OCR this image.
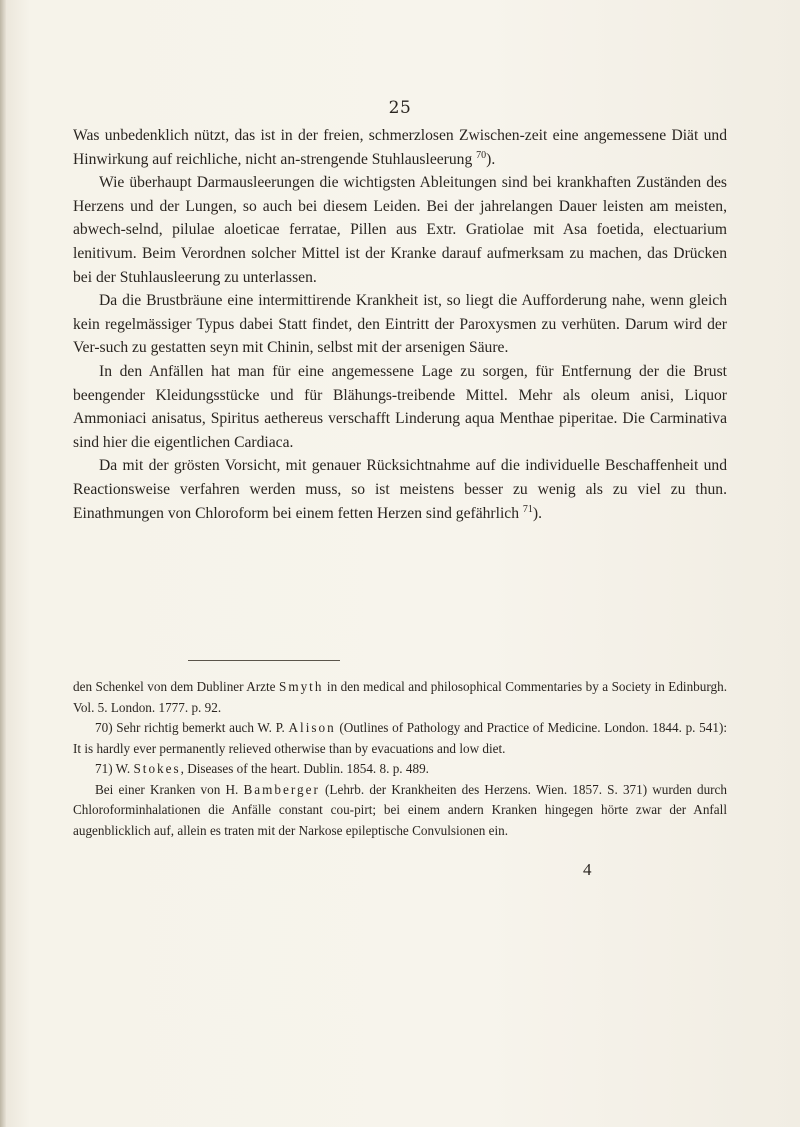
25

Was unbedenklich nützt, das ist in der freien, schmerzlosen Zwischen-zeit eine angemessene Diät und Hinwirkung auf reichliche, nicht an-strengende Stuhlausleerung $^{70}$).

Wie überhaupt Darmausleerungen die wichtigsten Ableitungen sind bei krankhaften Zuständen des Herzens und der Lungen, so auch bei diesem Leiden. Bei der jahrelangen Dauer leisten am meisten, abwech-selnd, pilulae aloeticae ferratae, Pillen aus Extr. Gratiolae mit Asa foetida, electuarium lenitivum. Beim Verordnen solcher Mittel ist der Kranke darauf aufmerksam zu machen, das Drücken bei der Stuhlausleerung zu unterlassen.

Da die Brustbräune eine intermittirende Krankheit ist, so liegt die Aufforderung nahe, wenn gleich kein regelmässiger Typus dabei Statt findet, den Eintritt der Paroxysmen zu verhüten. Darum wird der Ver-such zu gestatten seyn mit Chinin, selbst mit der arsenigen Säure.

In den Anfällen hat man für eine angemessene Lage zu sorgen, für Entfernung der die Brust beengender Kleidungsstücke und für Blähungs-treibende Mittel. Mehr als oleum anisi, Liquor Ammoniaci anisatus, Spiritus aethereus verschafft Linderung aqua Menthae piperitae. Die Carminativa sind hier die eigentlichen Cardiaca.

Da mit der grösten Vorsicht, mit genauer Rücksichtnahme auf die individuelle Beschaffenheit und Reactionsweise verfahren werden muss, so ist meistens besser zu wenig als zu viel zu thun. Einathmungen von Chloroform bei einem fetten Herzen sind gefährlich $^{71}$).

den Schenkel von dem Dubliner Arzte Smyth in den medical and philosophical Commentaries by a Society in Edinburgh. Vol. 5. London. 1777. p. 92.

70) Sehr richtig bemerkt auch W. P. Alison (Outlines of Pathology and Practice of Medicine. London. 1844. p. 541): It is hardly ever permanently relieved otherwise than by evacuations and low diet.

71) W. Stokes, Diseases of the heart. Dublin. 1854. 8. p. 489.

Bei einer Kranken von H. Bamberger (Lehrb. der Krankheiten des Herzens. Wien. 1857. S. 371) wurden durch Chloroforminhalationen die Anfälle constant cou-pirt; bei einem andern Kranken hingegen hörte zwar der Anfall augenblicklich auf, allein es traten mit der Narkose epileptische Convulsionen ein.

4
